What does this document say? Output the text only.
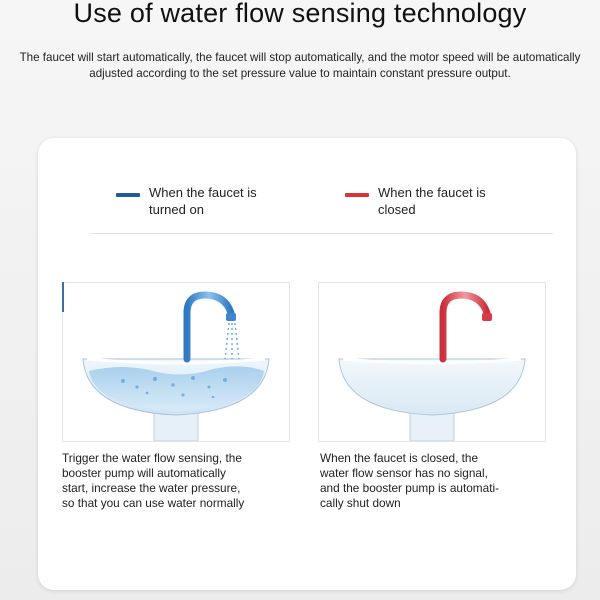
Use of water flow sensing technology
The faucet will start automatically, the faucet will stop automatically, and the motor speed will be automatically adjusted according to the set pressure value to maintain constant pressure output.
When the faucet is
turned on
When the faucet is
closed
Trigger the water flow sensing, the
booster pump will automatically
start, increase the water pressure,
so that you can use water normally
When the faucet is closed, the
water flow sensor has no signal,
and the booster pump is automati-
cally shut down
